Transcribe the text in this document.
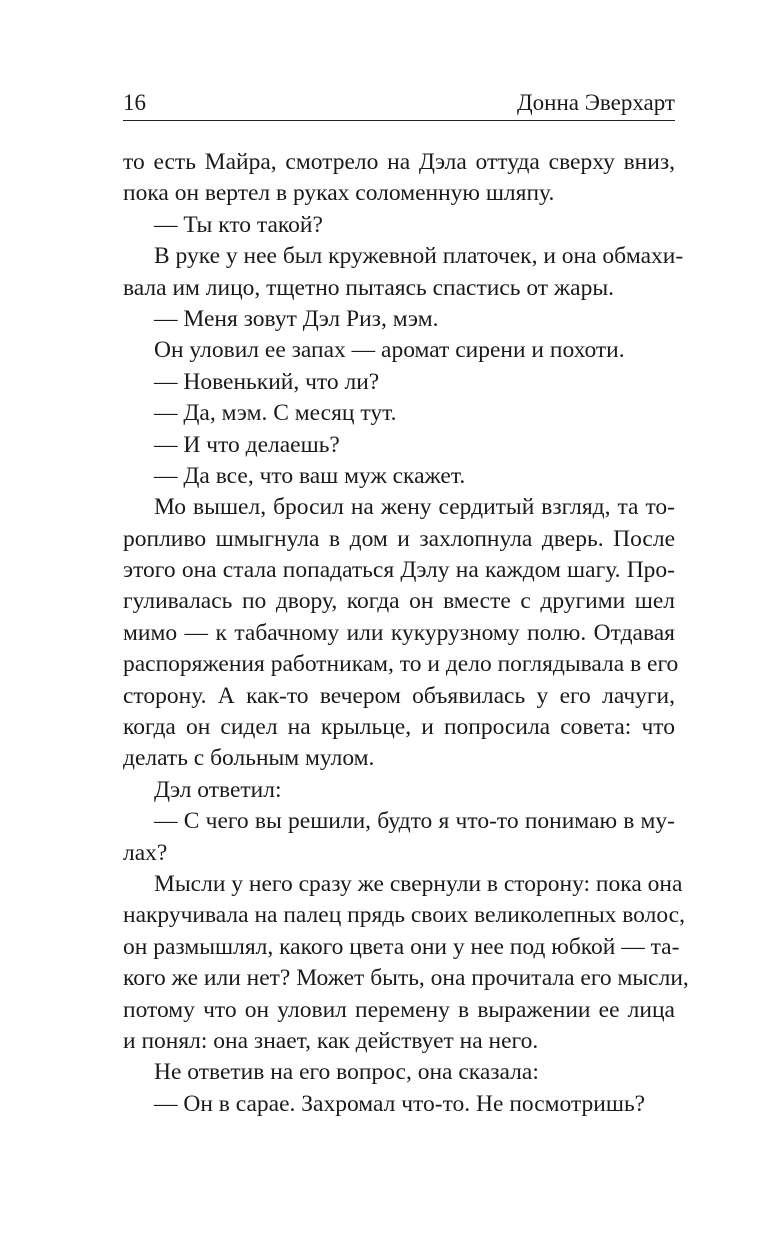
16	Донна Эверхарт
то есть Майра, смотрело на Дэла оттуда сверху вниз,
пока он вертел в руках соломенную шляпу.
— Ты кто такой?
В руке у нее был кружевной платочек, и она обмахи-
вала им лицо, тщетно пытаясь спастись от жары.
— Меня зовут Дэл Риз, мэм.
Он уловил ее запах — аромат сирени и похоти.
— Новенький, что ли?
— Да, мэм. С месяц тут.
— И что делаешь?
— Да все, что ваш муж скажет.
Мо вышел, бросил на жену сердитый взгляд, та то-
ропливо шмыгнула в дом и захлопнула дверь. После
этого она стала попадаться Дэлу на каждом шагу. Про-
гуливалась по двору, когда он вместе с другими шел
мимо — к табачному или кукурузному полю. Отдавая
распоряжения работникам, то и дело поглядывала в его
сторону. А как-то вечером объявилась у его лачуги,
когда он сидел на крыльце, и попросила совета: что
делать с больным мулом.
Дэл ответил:
— С чего вы решили, будто я что-то понимаю в му-
лах?
Мысли у него сразу же свернули в сторону: пока она
накручивала на палец прядь своих великолепных волос,
он размышлял, какого цвета они у нее под юбкой — та-
кого же или нет? Может быть, она прочитала его мысли,
потому что он уловил перемену в выражении ее лица
и понял: она знает, как действует на него.
Не ответив на его вопрос, она сказала:
— Он в сарае. Захромал что-то. Не посмотришь?
